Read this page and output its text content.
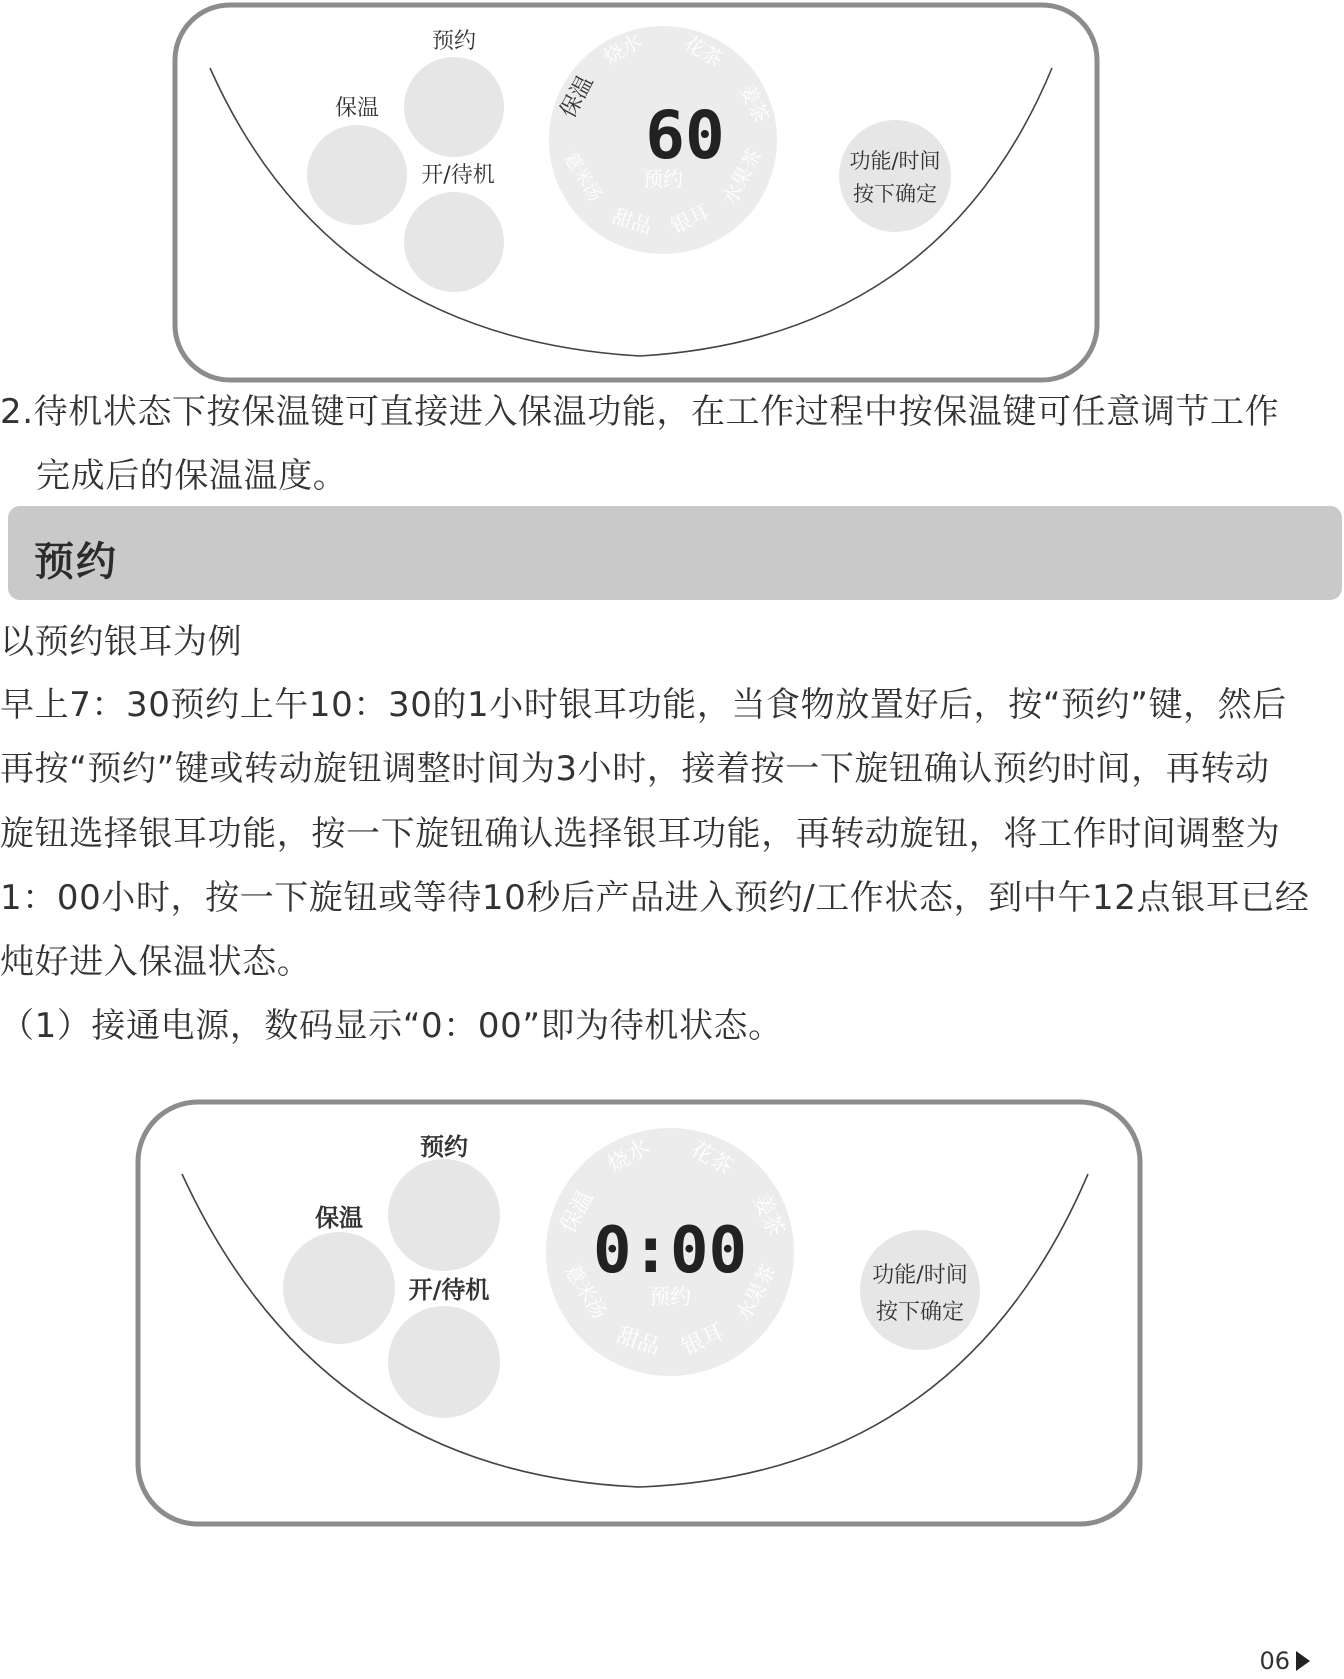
预约
保温
开/待机
功能/时间
按下确定
保温
烧水 花茶
姜茶
水果茶
银耳
甜品
薏米汤
60
预约
2.待机状态下按保温键可直接进入保温功能，在工作过程中按保温键可任意调节工作
完成后的保温温度。
预约
以预约银耳为例
早上7：30预约上午10：30的1小时银耳功能，当食物放置好后，按“预约”键，然后
再按“预约”键或转动旋钮调整时间为3小时，接着按一下旋钮确认预约时间，再转动
旋钮选择银耳功能，按一下旋钮确认选择银耳功能，再转动旋钮，将工作时间调整为
1：00小时，按一下旋钮或等待10秒后产品进入预约/工作状态，到中午12点银耳已经
炖好进入保温状态。
（1）接通电源，数码显示“0：00”即为待机状态。
预约
保温
开/待机
功能/时间
按下确定
保温
烧水 花茶
姜茶
水果茶
银耳
甜品
薏米汤
0:00
预约
06
